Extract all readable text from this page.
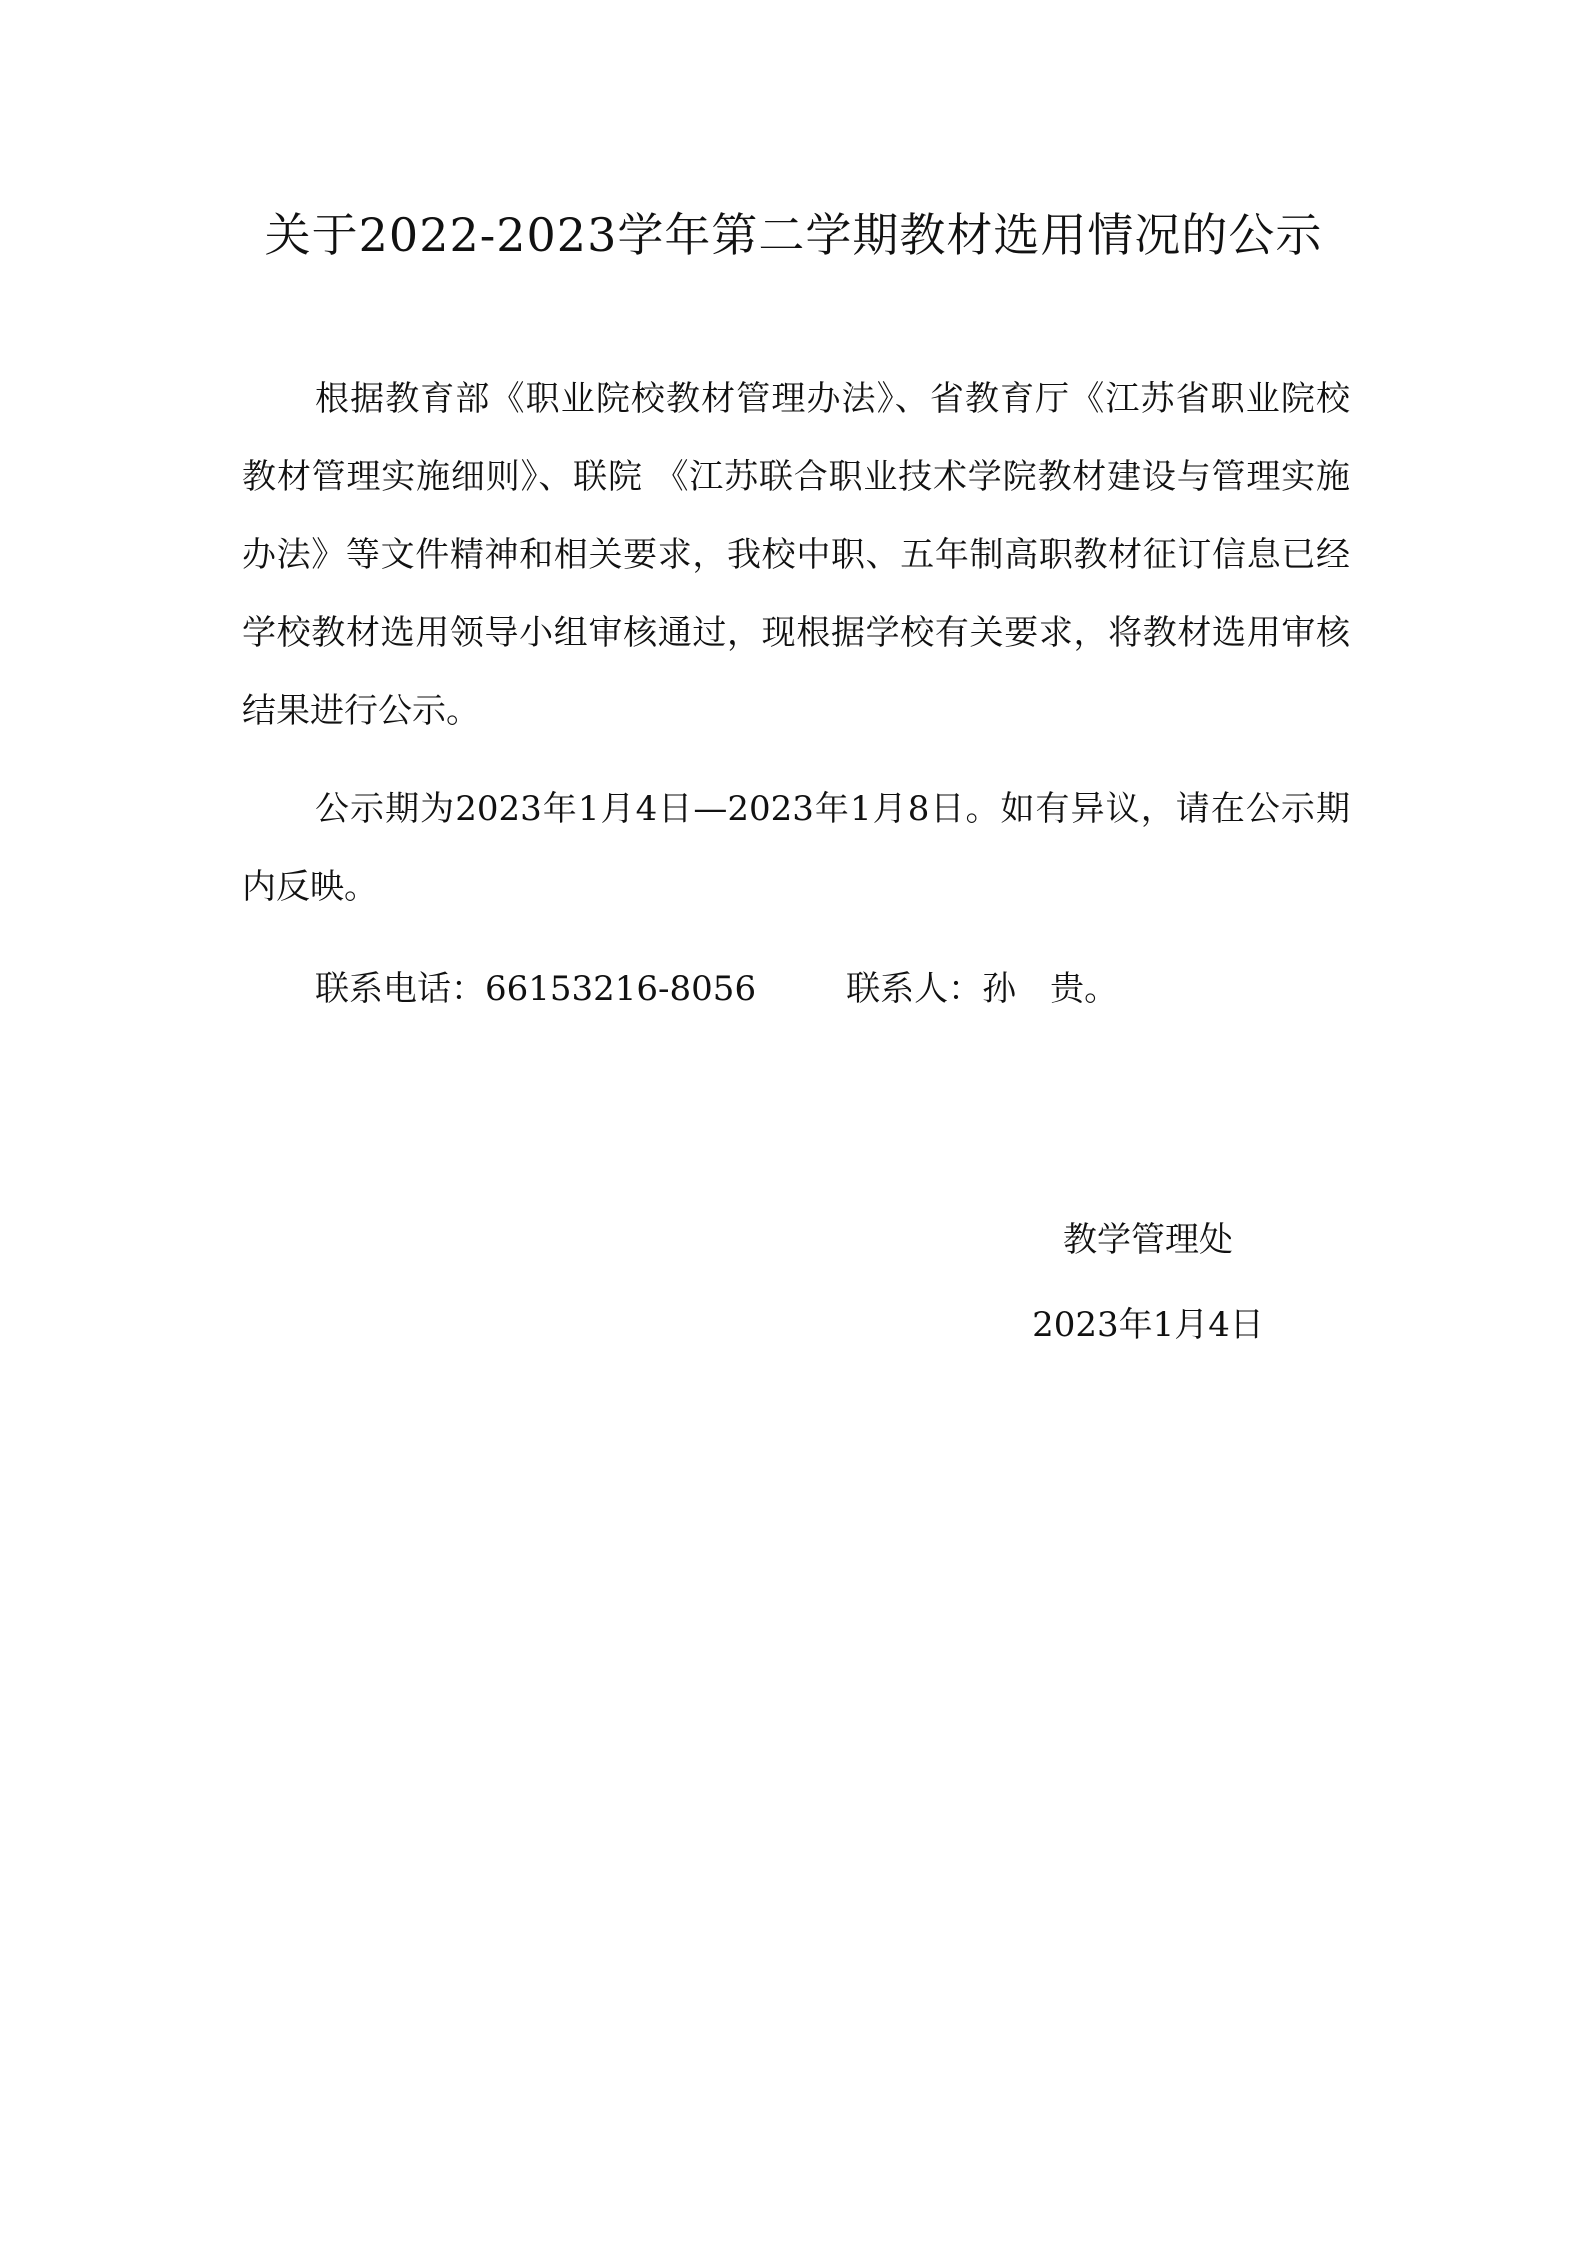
关于2022-2023学年第二学期教材选用情况的公示

根据教育部《职业院校教材管理办法》、省教育厅《江苏省职业院校教材管理实施细则》、联院 《江苏联合职业技术学院教材建设与管理实施办法》等文件精神和相关要求，我校中职、五年制高职教材征订信息已经学校教材选用领导小组审核通过，现根据学校有关要求，将教材选用审核结果进行公示。

公示期为2023年1月4日—2023年1月8日。如有异议，请在公示期内反映。

联系电话：66153216-8056	联系人：孙　贵。

教学管理处
2023年1月4日
